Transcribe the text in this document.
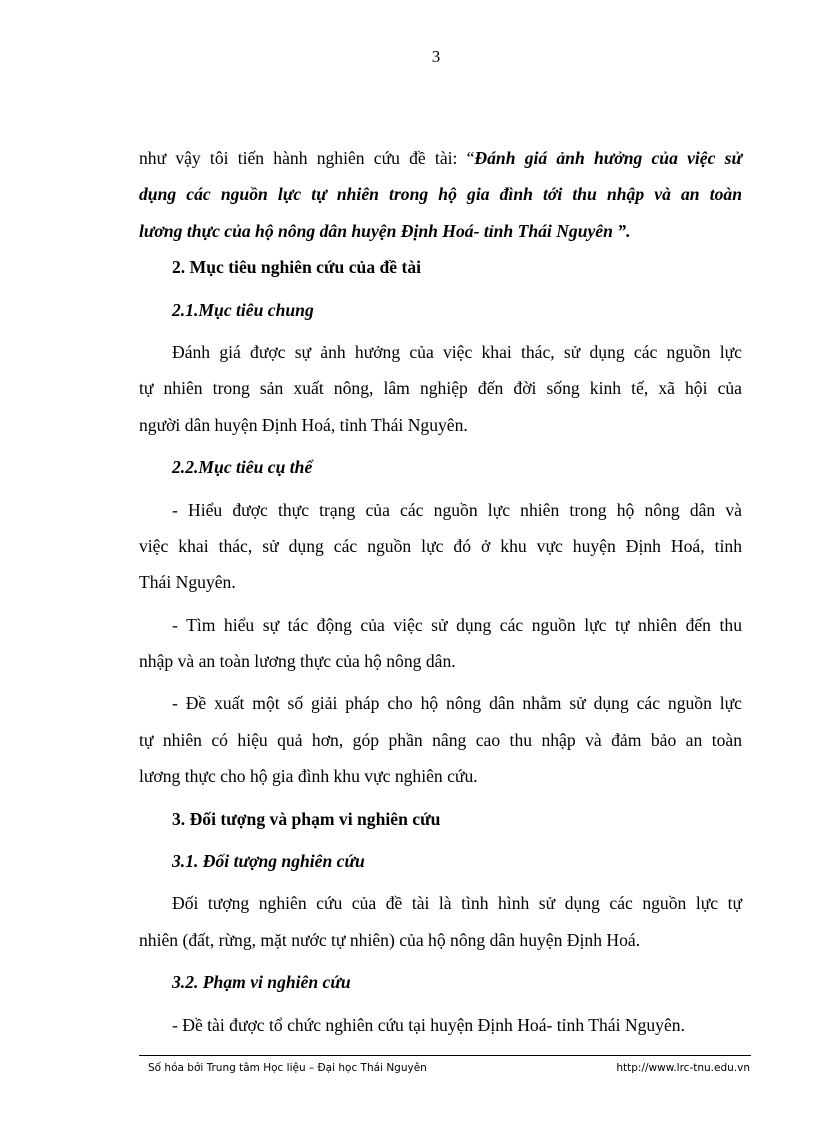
3
như vậy tôi tiến hành nghiên cứu đề tài: “Đánh giá ảnh hưởng của việc sử
dụng các nguồn lực tự nhiên trong hộ gia đình tới thu nhập và an toàn
lương thực của hộ nông dân huyện Định Hoá- tỉnh Thái Nguyên ”.
2. Mục tiêu nghiên cứu của đề tài
2.1.Mục tiêu chung
Đánh giá được sự ảnh hưởng của việc khai thác, sử dụng các nguồn lực
tự nhiên trong sản xuất nông, lâm nghiệp đến đời sống kinh tế, xã hội của
người dân huyện Định Hoá, tỉnh Thái Nguyên.
2.2.Mục tiêu cụ thể
- Hiểu được thực trạng của các nguồn lực nhiên trong hộ nông dân và
việc khai thác, sử dụng các nguồn lực đó ở khu vực huyện Định Hoá, tỉnh
Thái Nguyên.
- Tìm hiểu sự tác động của việc sử dụng các nguồn lực tự nhiên đến thu
nhập và an toàn lương thực của hộ nông dân.
- Đề xuất một số giải pháp cho hộ nông dân nhằm sử dụng các nguồn lực
tự nhiên có hiệu quả hơn, góp phần nâng cao thu nhập và đảm bảo an toàn
lương thực cho hộ gia đình khu vực nghiên cứu.
3. Đối tượng và phạm vi nghiên cứu
3.1. Đối tượng nghiên cứu
Đối tượng nghiên cứu của đề tài là tình hình sử dụng các nguồn lực tự
nhiên (đất, rừng, mặt nước tự nhiên) của hộ nông dân huyện Định Hoá.
3.2. Phạm vi nghiên cứu
- Đề tài được tổ chức nghiên cứu tại huyện Định Hoá- tỉnh Thái Nguyên.
Số hóa bởi Trung tâm Học liệu – Đại học Thái Nguyên	http://www.lrc-tnu.edu.vn
